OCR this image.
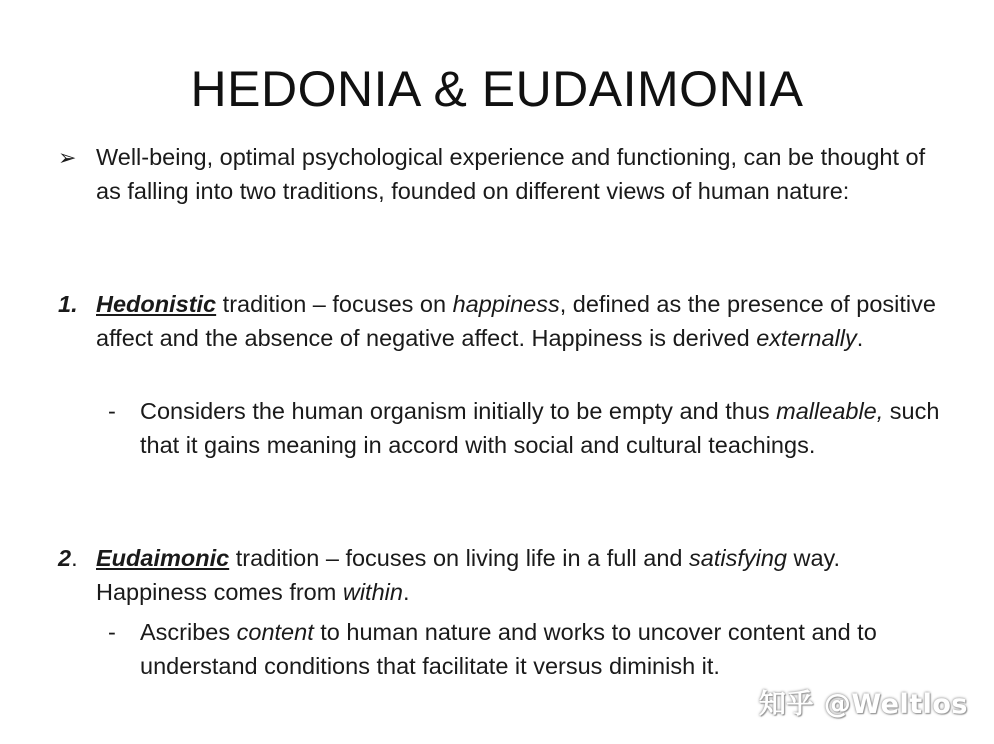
HEDONIA & EUDAIMONIA
➢ Well-being, optimal psychological experience and functioning, can be thought of as falling into two traditions, founded on different views of human nature:
1. Hedonistic tradition – focuses on happiness, defined as the presence of positive affect and the absence of negative affect. Happiness is derived externally.
-	Considers the human organism initially to be empty and thus malleable, such that it gains meaning in accord with social and cultural teachings.
2. Eudaimonic tradition – focuses on living life in a full and satisfying way. Happiness comes from within.
-	Ascribes content to human nature and works to uncover content and to understand conditions that facilitate it versus diminish it.
知乎 @Weltlos
